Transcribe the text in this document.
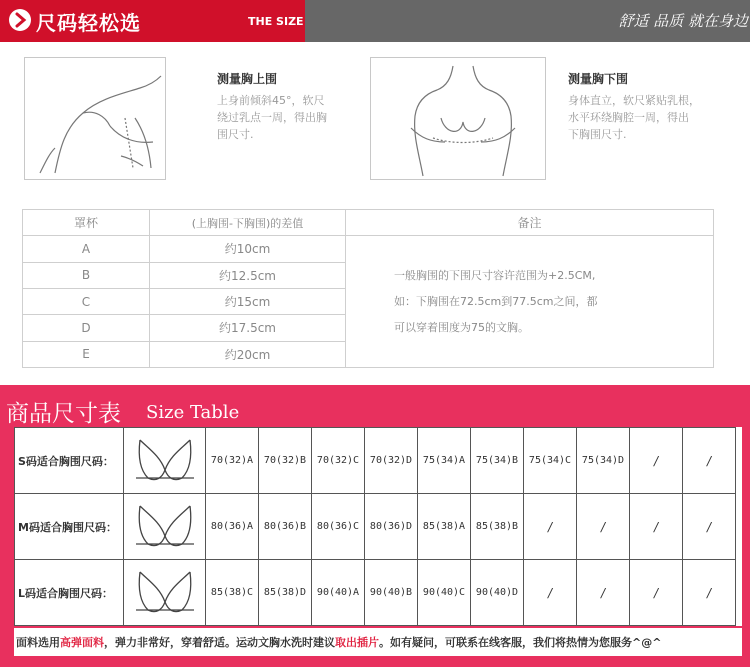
尺码轻松选	THE SIZE	舒适 品质 就在身边
测量胸上围
上身前倾斜45°，软尺
绕过乳点一周，得出胸
围尺寸.
测量胸下围
身体直立，软尺紧贴乳根，
水平环绕胸腔一周，得出
下胸围尺寸.
罩杯	(上胸围-下胸围)的差值	备注
A	约10cm	一般胸围的下围尺寸容许范围为+2.5CM,
如：下胸围在72.5cm到77.5cm之间，都
可以穿着围度为75的文胸。

B	约12.5cm	
C	约15cm	
D	约17.5cm	
E	约20cm	
商品尺寸表 Size Table
S码适合胸围尺码：		70(32)A	70(32)B	70(32)C	70(32)D	75(34)A	75(34)B	75(34)C	75(34)D	/	/
M码适合胸围尺码：		80(36)A	80(36)B	80(36)C	80(36)D	85(38)A	85(38)B	/	/	/	/
L码适合胸围尺码：		85(38)C	85(38)D	90(40)A	90(40)B	90(40)C	90(40)D	/	/	/	/
面料选用高弹面料，弹力非常好，穿着舒适。运动文胸水洗时建议取出插片。如有疑问，可联系在线客服，我们将热情为您服务^@^
